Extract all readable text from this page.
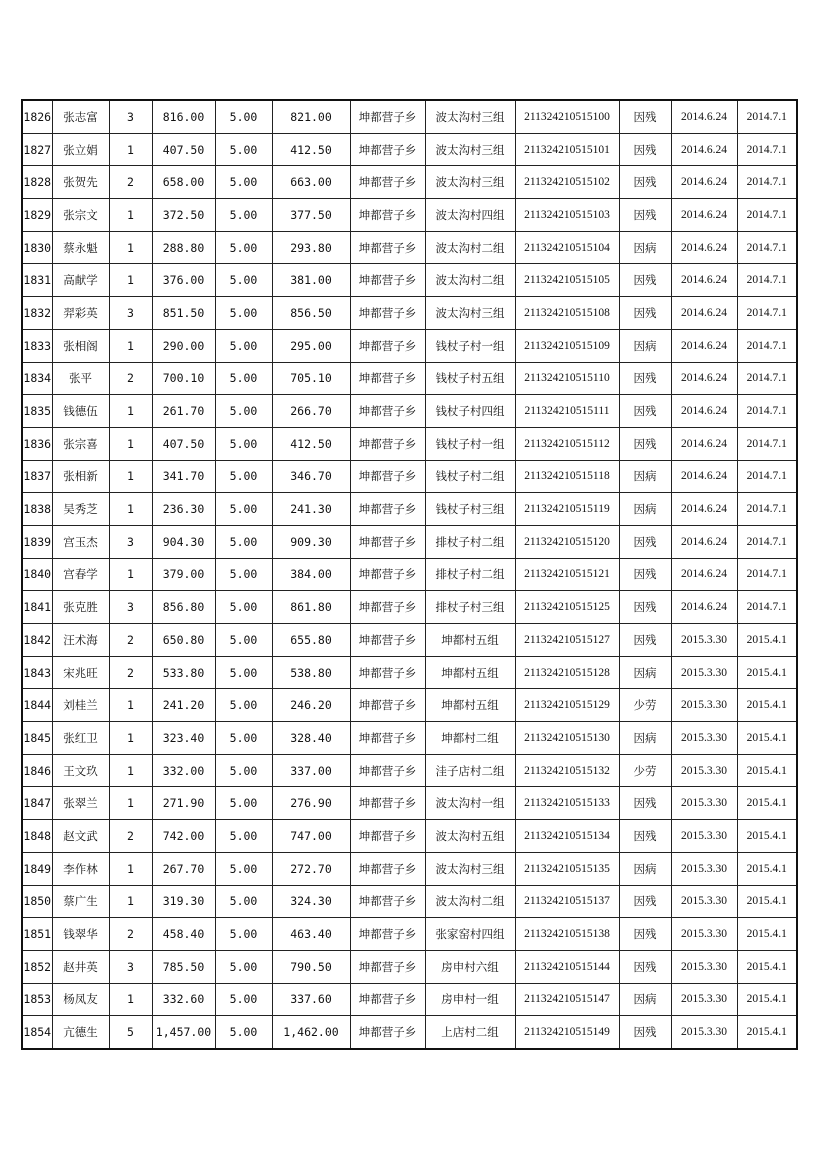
1826	张志富	3	816.00	5.00	821.00	坤都营子乡	波太沟村三组	211324210515100	因残	2014.6.24	2014.7.1
1827	张立娟	1	407.50	5.00	412.50	坤都营子乡	波太沟村三组	211324210515101	因残	2014.6.24	2014.7.1
1828	张贺先	2	658.00	5.00	663.00	坤都营子乡	波太沟村三组	211324210515102	因残	2014.6.24	2014.7.1
1829	张宗文	1	372.50	5.00	377.50	坤都营子乡	波太沟村四组	211324210515103	因残	2014.6.24	2014.7.1
1830	蔡永魁	1	288.80	5.00	293.80	坤都营子乡	波太沟村二组	211324210515104	因病	2014.6.24	2014.7.1
1831	高献学	1	376.00	5.00	381.00	坤都营子乡	波太沟村二组	211324210515105	因残	2014.6.24	2014.7.1
1832	羿彩英	3	851.50	5.00	856.50	坤都营子乡	波太沟村三组	211324210515108	因残	2014.6.24	2014.7.1
1833	张相阁	1	290.00	5.00	295.00	坤都营子乡	钱杖子村一组	211324210515109	因病	2014.6.24	2014.7.1
1834	张平	2	700.10	5.00	705.10	坤都营子乡	钱杖子村五组	211324210515110	因残	2014.6.24	2014.7.1
1835	钱德伍	1	261.70	5.00	266.70	坤都营子乡	钱杖子村四组	211324210515111	因残	2014.6.24	2014.7.1
1836	张宗喜	1	407.50	5.00	412.50	坤都营子乡	钱杖子村一组	211324210515112	因残	2014.6.24	2014.7.1
1837	张相新	1	341.70	5.00	346.70	坤都营子乡	钱杖子村二组	211324210515118	因病	2014.6.24	2014.7.1
1838	吴秀芝	1	236.30	5.00	241.30	坤都营子乡	钱杖子村三组	211324210515119	因病	2014.6.24	2014.7.1
1839	宫玉杰	3	904.30	5.00	909.30	坤都营子乡	排杖子村二组	211324210515120	因残	2014.6.24	2014.7.1
1840	宫春学	1	379.00	5.00	384.00	坤都营子乡	排杖子村二组	211324210515121	因残	2014.6.24	2014.7.1
1841	张克胜	3	856.80	5.00	861.80	坤都营子乡	排杖子村三组	211324210515125	因残	2014.6.24	2014.7.1
1842	汪术海	2	650.80	5.00	655.80	坤都营子乡	坤都村五组	211324210515127	因残	2015.3.30	2015.4.1
1843	宋兆旺	2	533.80	5.00	538.80	坤都营子乡	坤都村五组	211324210515128	因病	2015.3.30	2015.4.1
1844	刘桂兰	1	241.20	5.00	246.20	坤都营子乡	坤都村五组	211324210515129	少劳	2015.3.30	2015.4.1
1845	张红卫	1	323.40	5.00	328.40	坤都营子乡	坤都村二组	211324210515130	因病	2015.3.30	2015.4.1
1846	王文玖	1	332.00	5.00	337.00	坤都营子乡	洼子店村二组	211324210515132	少劳	2015.3.30	2015.4.1
1847	张翠兰	1	271.90	5.00	276.90	坤都营子乡	波太沟村一组	211324210515133	因残	2015.3.30	2015.4.1
1848	赵文武	2	742.00	5.00	747.00	坤都营子乡	波太沟村五组	211324210515134	因残	2015.3.30	2015.4.1
1849	李作林	1	267.70	5.00	272.70	坤都营子乡	波太沟村三组	211324210515135	因病	2015.3.30	2015.4.1
1850	蔡广生	1	319.30	5.00	324.30	坤都营子乡	波太沟村二组	211324210515137	因残	2015.3.30	2015.4.1
1851	钱翠华	2	458.40	5.00	463.40	坤都营子乡	张家窑村四组	211324210515138	因残	2015.3.30	2015.4.1
1852	赵井英	3	785.50	5.00	790.50	坤都营子乡	房申村六组	211324210515144	因残	2015.3.30	2015.4.1
1853	杨凤友	1	332.60	5.00	337.60	坤都营子乡	房申村一组	211324210515147	因病	2015.3.30	2015.4.1
1854	亢德生	5	1,457.00	5.00	1,462.00	坤都营子乡	上店村二组	211324210515149	因残	2015.3.30	2015.4.1
